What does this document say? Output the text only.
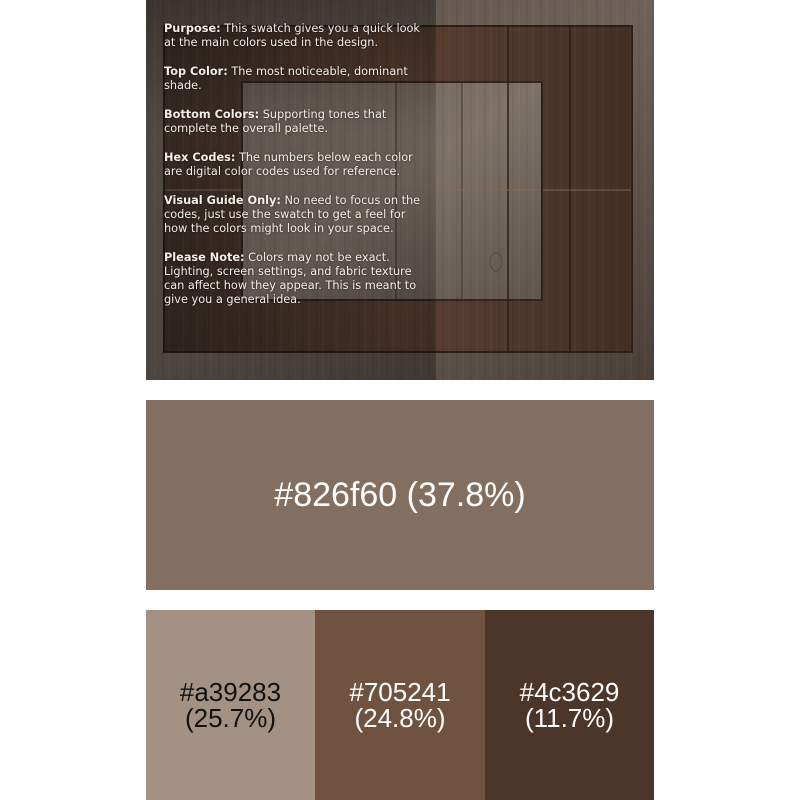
Purpose: This swatch gives you a quick look at the main colors used in the design.

Top Color: The most noticeable, dominant shade.

Bottom Colors: Supporting tones that complete the overall palette.

Hex Codes: The numbers below each color are digital color codes used for reference.

Visual Guide Only: No need to focus on the codes, just use the swatch to get a feel for how the colors might look in your space.

Please Note: Colors may not be exact. Lighting, screen settings, and fabric texture can affect how they appear. This is meant to give you a general idea.

#826f60 (37.8%)
#a39283
(25.7%)
#705241
(24.8%)
#4c3629
(11.7%)
